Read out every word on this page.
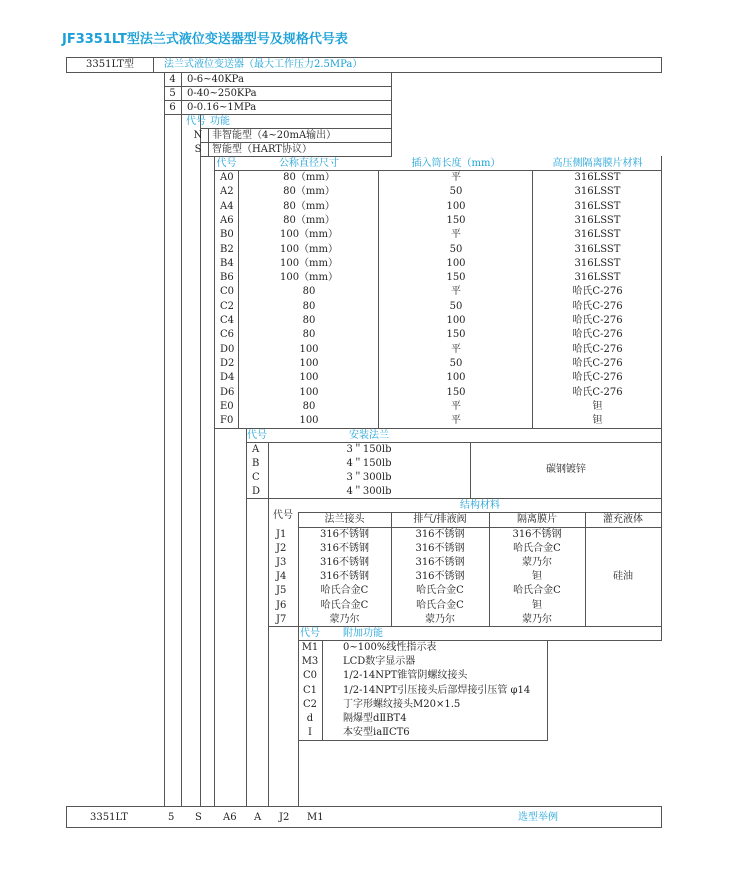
JF3351LT型法兰式液位变送器型号及规格代号表
3351LT型	法兰式液位变送器（最大工作压力2.5MPa）
4	0-6~40KPa
5	0-40~250KPa
6	0-0.16~1MPa
N 非智能型（4~20mA输出）
S	智能型（HART协议）
A0	80（mm）	平	316LSST
A2	80（mm）	50	316LSST
A4	80（mm）	100	316LSST
A6	80（mm）	150	316LSST
B0	100（mm）	平	316LSST
B2	100（mm）	50	316LSST
B4	100（mm）	100	316LSST
B6	100（mm）	150	316LSST
C0	80	平	哈氏C-276
C2	80	50	哈氏C-276
C4	80	100	哈氏C-276
C6	80	150	哈氏C-276
D0	100	平	哈氏C-276
D2	100	50	哈氏C-276
D4	100	100	哈氏C-276
D6	100	150	哈氏C-276
E0	80	平	钽
F0	100	平	钽
A	3＂150lb
B	4＂150lb
C	3＂300lb
D	4＂300lb
J1	316不锈钢	316不锈钢	316不锈钢
J2	316不锈钢	316不锈钢	哈氏合金C
J3	316不锈钢	316不锈钢	蒙乃尔
J4	316不锈钢	316不锈钢	钽
J5	哈氏合金C	哈氏合金C	哈氏合金C
J6	哈氏合金C	哈氏合金C	钽
J7	蒙乃尔	蒙乃尔	蒙乃尔
M1	0~100%线性指示表
M3	LCD数字显示器
C0	1/2-14NPT锥管阴螺纹接头
C1	1/2-14NPT引压接头后部焊接引压管 φ14
C2	丁字形螺纹接头M20×1.5
d	隔爆型dⅡBT4
I	本安型iaⅡCT6
3351LT	5 S A6 A J2 M1	选型举例
代号 功能
代号	公称直径尺寸	插入筒长度（mm）	高压侧隔离膜片材料
代号	安装法兰
碳钢镀锌
结构材料
代号	法兰接头	排气/排液阀	隔离膜片	灌充液体
硅油
代号 附加功能
